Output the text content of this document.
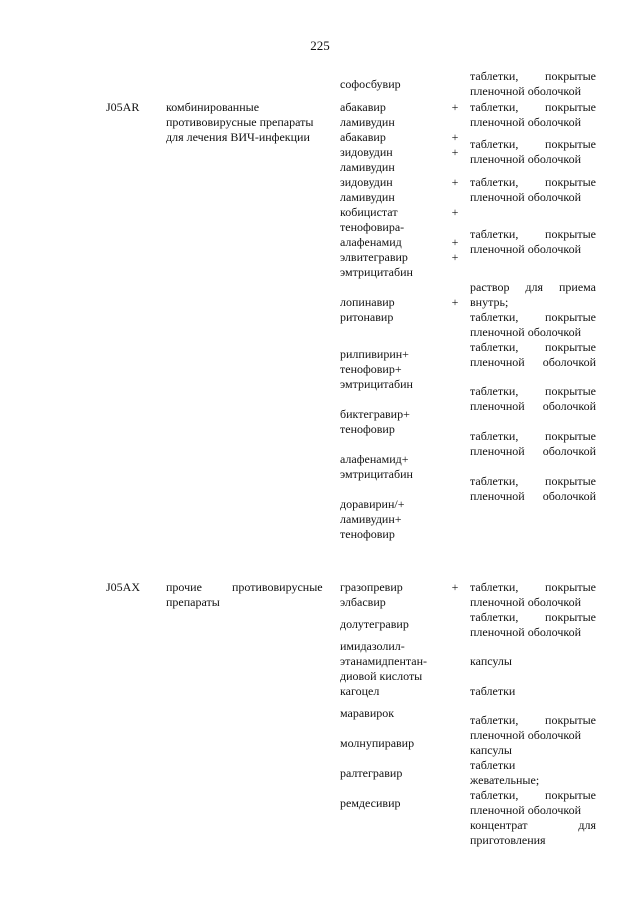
225
софосбувир
таблетки, покрытые
пленочной оболочкой
J05AR комбинированные
противовирусные препараты
для лечения ВИЧ-инфекции
абакавир
ламивудин
абакавир
зидовудин
ламивудин
зидовудин
ламивудин
кобицистат
тенофовира-
алафенамид
элвитегравир
эмтрицитабин
лопинавир
ритонавир
рилпивирин+
тенофовир+
эмтрицитабин
биктегравир+
тенофовир
алафенамид+
эмтрицитабин
доравирин/+
ламивудин+
тенофовир
+
+
+
+
+
+
+
+
таблетки, покрытые
пленочной оболочкой
таблетки, покрытые
пленочной оболочкой
таблетки, покрытые
пленочной оболочкой
таблетки, покрытые
пленочной оболочкой
раствор для приема
внутрь;
таблетки, покрытые
пленочной оболочкой
таблетки, покрытые
пленочной оболочкой
таблетки, покрытые
пленочной оболочкой
таблетки, покрытые
пленочной оболочкой
таблетки, покрытые
пленочной оболочкой
J05AX прочие	противовирусные
препараты
гразопревир
элбасвир
долутегравир
имидазолил-
этанамидпентан-
диовой кислоты
кагоцел
маравирок
молнупиравир
ралтегравир
ремдесивир
+ таблетки, покрытые
пленочной оболочкой
таблетки, покрытые
пленочной оболочкой
капсулы
таблетки
таблетки, покрытые
пленочной оболочкой
капсулы
таблетки
жевательные;
таблетки, покрытые
пленочной оболочкой
концентрат для
приготовления
